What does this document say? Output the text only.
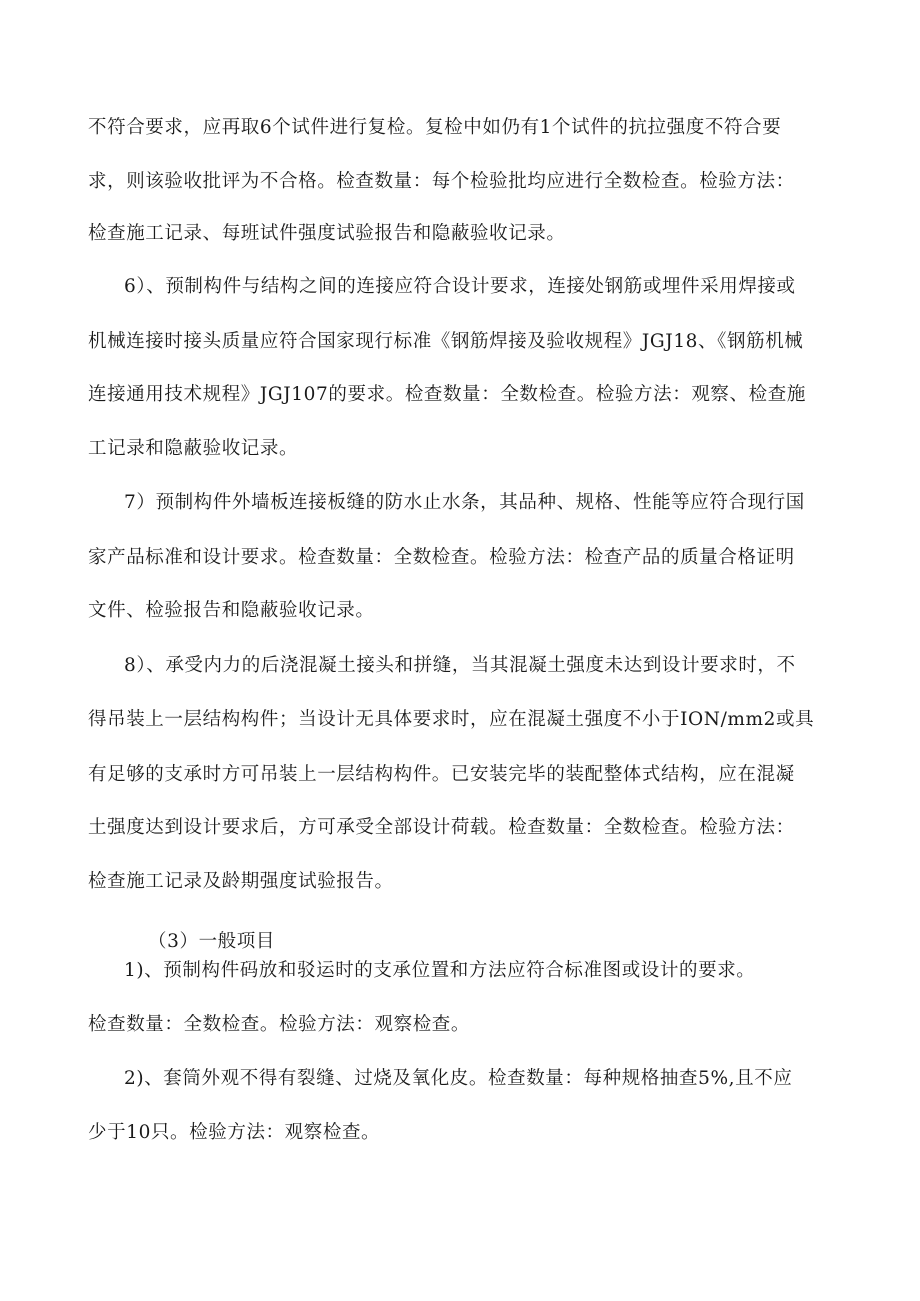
不符合要求，应再取6个试件进行复检。复检中如仍有1个试件的抗拉强度不符合要

求，则该验收批评为不合格。检查数量：每个检验批均应进行全数检查。检验方法：

检查施工记录、每班试件强度试验报告和隐蔽验收记录。

6）、预制构件与结构之间的连接应符合设计要求，连接处钢筋或埋件采用焊接或

机械连接时接头质量应符合国家现行标准《钢筋焊接及验收规程》JGJ18、《钢筋机械

连接通用技术规程》JGJ107的要求。检查数量：全数检查。检验方法：观察、检查施

工记录和隐蔽验收记录。

7）预制构件外墙板连接板缝的防水止水条，其品种、规格、性能等应符合现行国

家产品标准和设计要求。检查数量：全数检查。检验方法：检查产品的质量合格证明

文件、检验报告和隐蔽验收记录。

8）、承受内力的后浇混凝土接头和拼缝，当其混凝土强度未达到设计要求时，不

得吊装上一层结构构件；当设计无具体要求时，应在混凝土强度不小于ION/mm2或具

有足够的支承时方可吊装上一层结构构件。已安装完毕的装配整体式结构，应在混凝

土强度达到设计要求后，方可承受全部设计荷载。检查数量：全数检查。检验方法：

检查施工记录及龄期强度试验报告。

（3）一般项目

1)、预制构件码放和驳运时的支承位置和方法应符合标准图或设计的要求。

检查数量：全数检查。检验方法：观察检查。

2)、套筒外观不得有裂缝、过烧及氧化皮。检查数量：每种规格抽查5%,且不应

少于10只。检验方法：观察检查。
